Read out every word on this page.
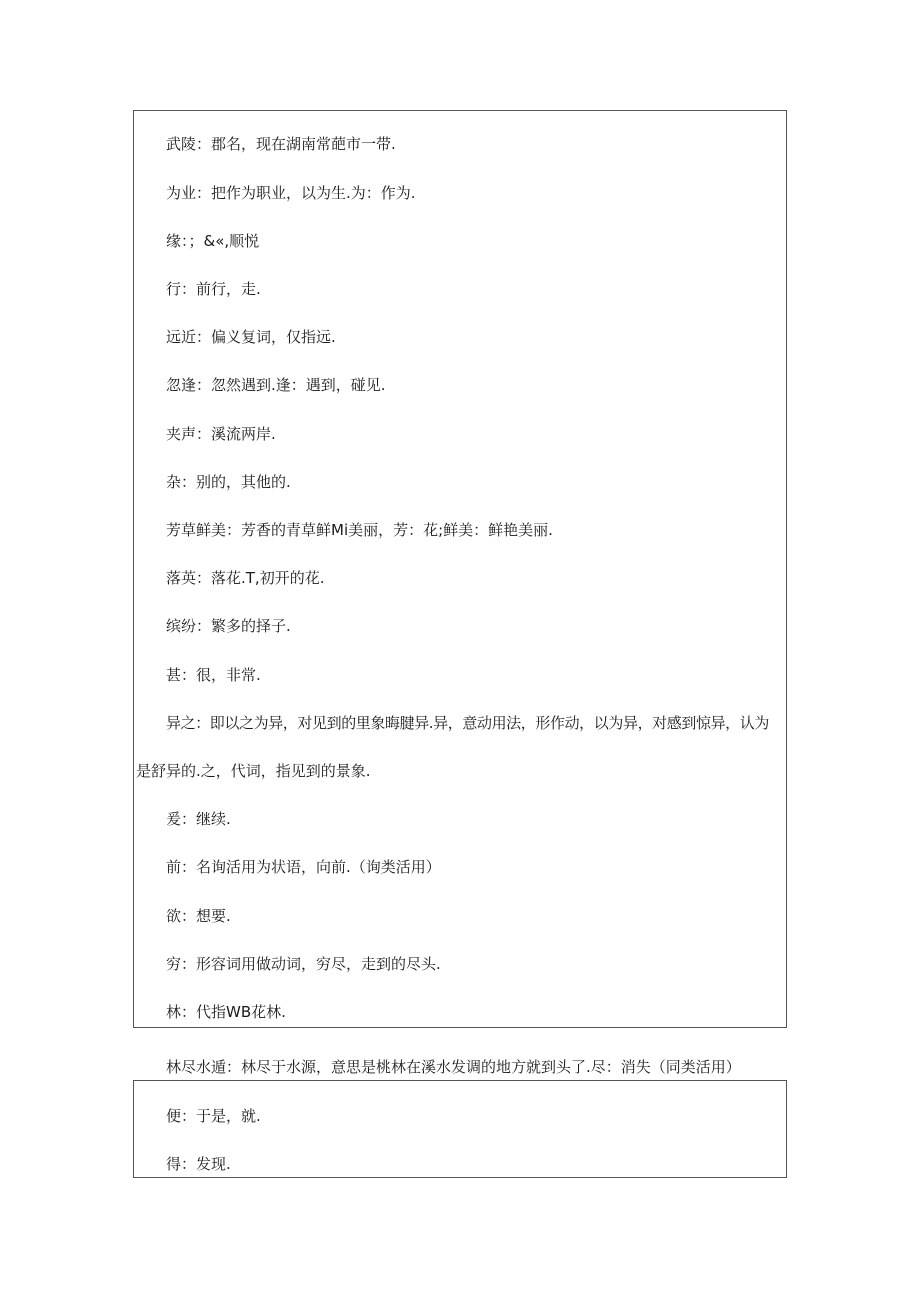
武陵：郡名，现在湖南常葩市一带.
为业：把作为职业，以为生.为：作为.
缘：；&«,顺悦
行：前行，走.
远近：偏义复词，仅指远.
忽逢：忽然遇到.逢：遇到，碰见.
夹声：溪流两岸.
杂：别的，其他的.
芳草鲜美：芳香的青草鲜Mi美丽，芳：花;鲜美：鲜艳美丽.
落英：落花.T,初开的花.
缤纷：繁多的择子.
甚：很，非常.
异之：即以之为异，对见到的里象晦腱异.异，意动用法，形作动，以为异，对感到惊异，认为
是舒异的.之，代词，指见到的景象.
爰：继续.
前：名询活用为状语，向前.（询类活用）
欲：想要.
穷：形容词用做动词，穷尽，走到的尽头.
林：代指WB花林.
林尽水遁：林尽于水源，意思是桃林在溪水发调的地方就到头了.尽：消失（同类活用）
便：于是，就.
得：发现.
